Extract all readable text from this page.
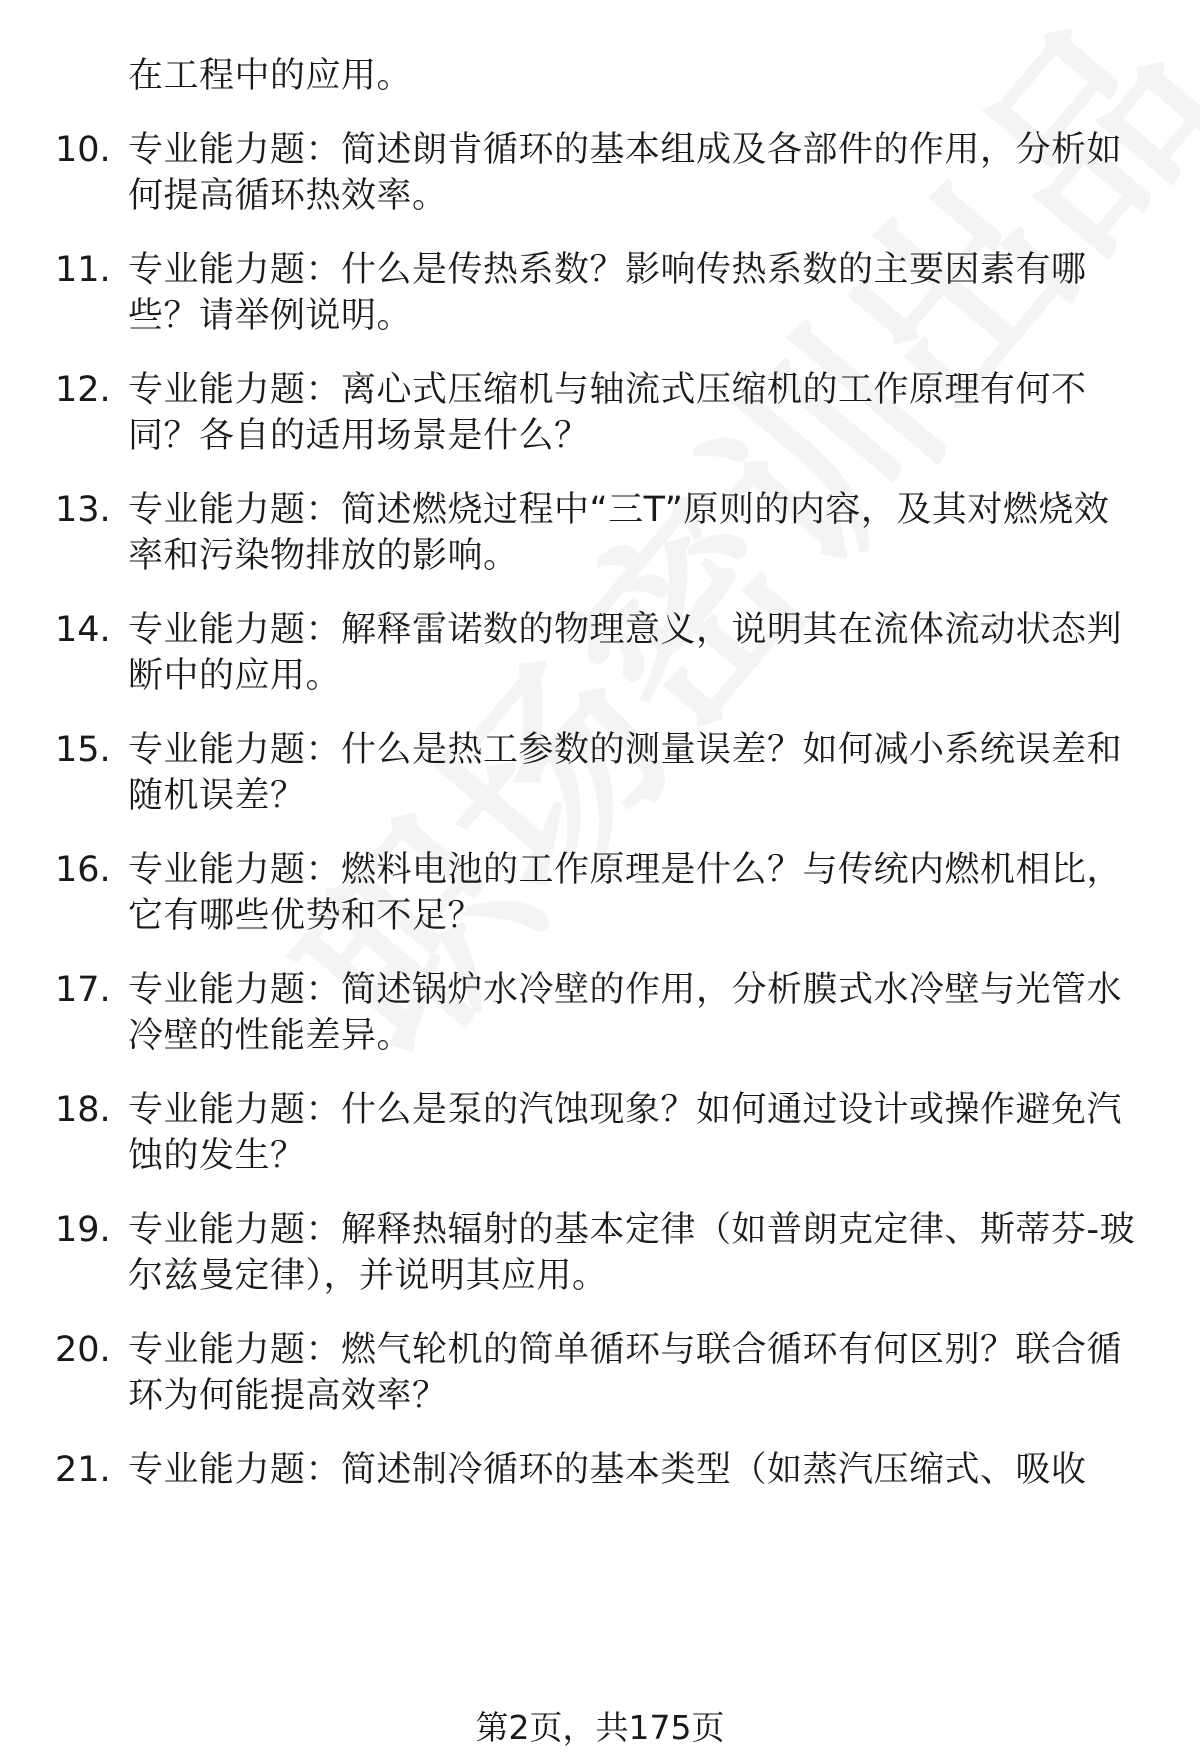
在工程中的应用。
10. 专业能力题：简述朗肯循环的基本组成及各部件的作用，分析如
何提高循环热效率。
11. 专业能力题：什么是传热系数？影响传热系数的主要因素有哪
些？请举例说明。
12. 专业能力题：离心式压缩机与轴流式压缩机的工作原理有何不
同？各自的适用场景是什么？
13. 专业能力题：简述燃烧过程中“三T”原则的内容，及其对燃烧效
率和污染物排放的影响。
14. 专业能力题：解释雷诺数的物理意义，说明其在流体流动状态判
断中的应用。
15. 专业能力题：什么是热工参数的测量误差？如何减小系统误差和
随机误差？
16. 专业能力题：燃料电池的工作原理是什么？与传统内燃机相比，
它有哪些优势和不足？
17. 专业能力题：简述锅炉水冷壁的作用，分析膜式水冷壁与光管水
冷壁的性能差异。
18. 专业能力题：什么是泵的汽蚀现象？如何通过设计或操作避免汽
蚀的发生？
19. 专业能力题：解释热辐射的基本定律（如普朗克定律、斯蒂芬-玻
尔兹曼定律），并说明其应用。
20. 专业能力题：燃气轮机的简单循环与联合循环有何区别？联合循
环为何能提高效率？
21. 专业能力题：简述制冷循环的基本类型（如蒸汽压缩式、吸收
第2页，共175页
